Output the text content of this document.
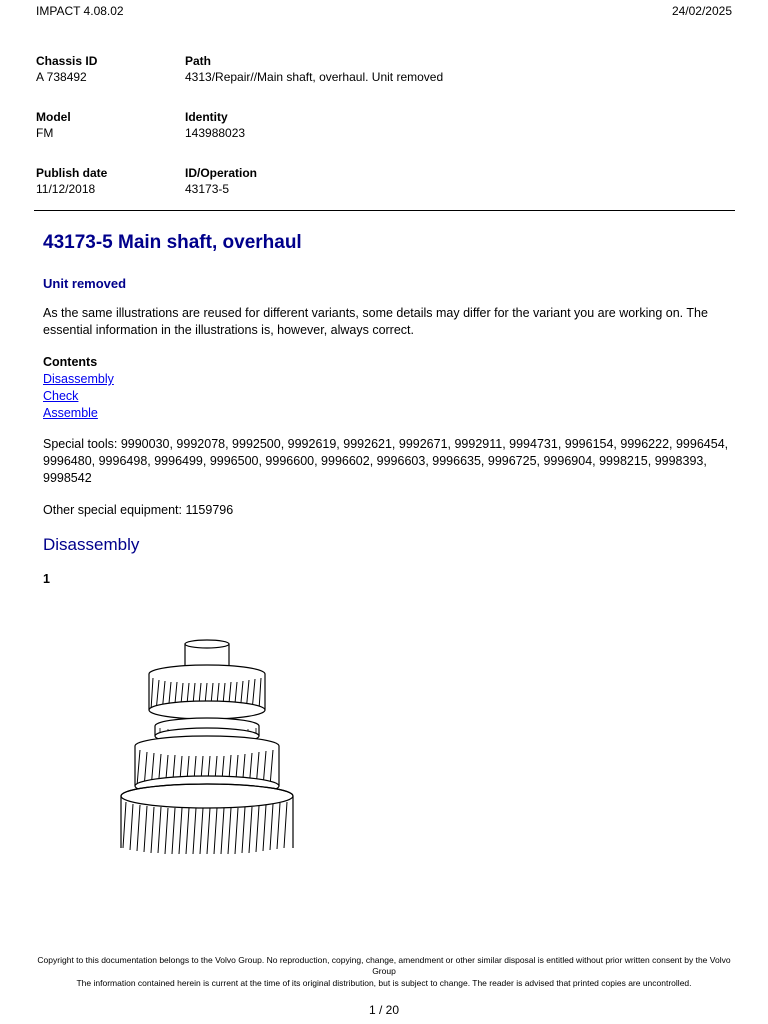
IMPACT 4.08.02	24/02/2025
Chassis ID
A 738492
Path
4313/Repair//Main shaft, overhaul. Unit removed
Model
FM
Identity
143988023
Publish date
11/12/2018
ID/Operation
43173-5
43173-5 Main shaft, overhaul
Unit removed
As the same illustrations are reused for different variants, some details may differ for the variant you are working on. The essential information in the illustrations is, however, always correct.
Contents
Disassembly
Check
Assemble
Special tools: 9990030, 9992078, 9992500, 9992619, 9992621, 9992671, 9992911, 9994731, 9996154, 9996222, 9996454, 9996480, 9996498, 9996499, 9996500, 9996600, 9996602, 9996603, 9996635, 9996725, 9996904, 9998215, 9998393, 9998542
Other special equipment: 1159796
Disassembly
1
Copyright to this documentation belongs to the Volvo Group. No reproduction, copying, change, amendment or other similar disposal is entitled without prior written consent by the Volvo Group
The information contained herein is current at the time of its original distribution, but is subject to change. The reader is advised that printed copies are uncontrolled.
1 / 20
